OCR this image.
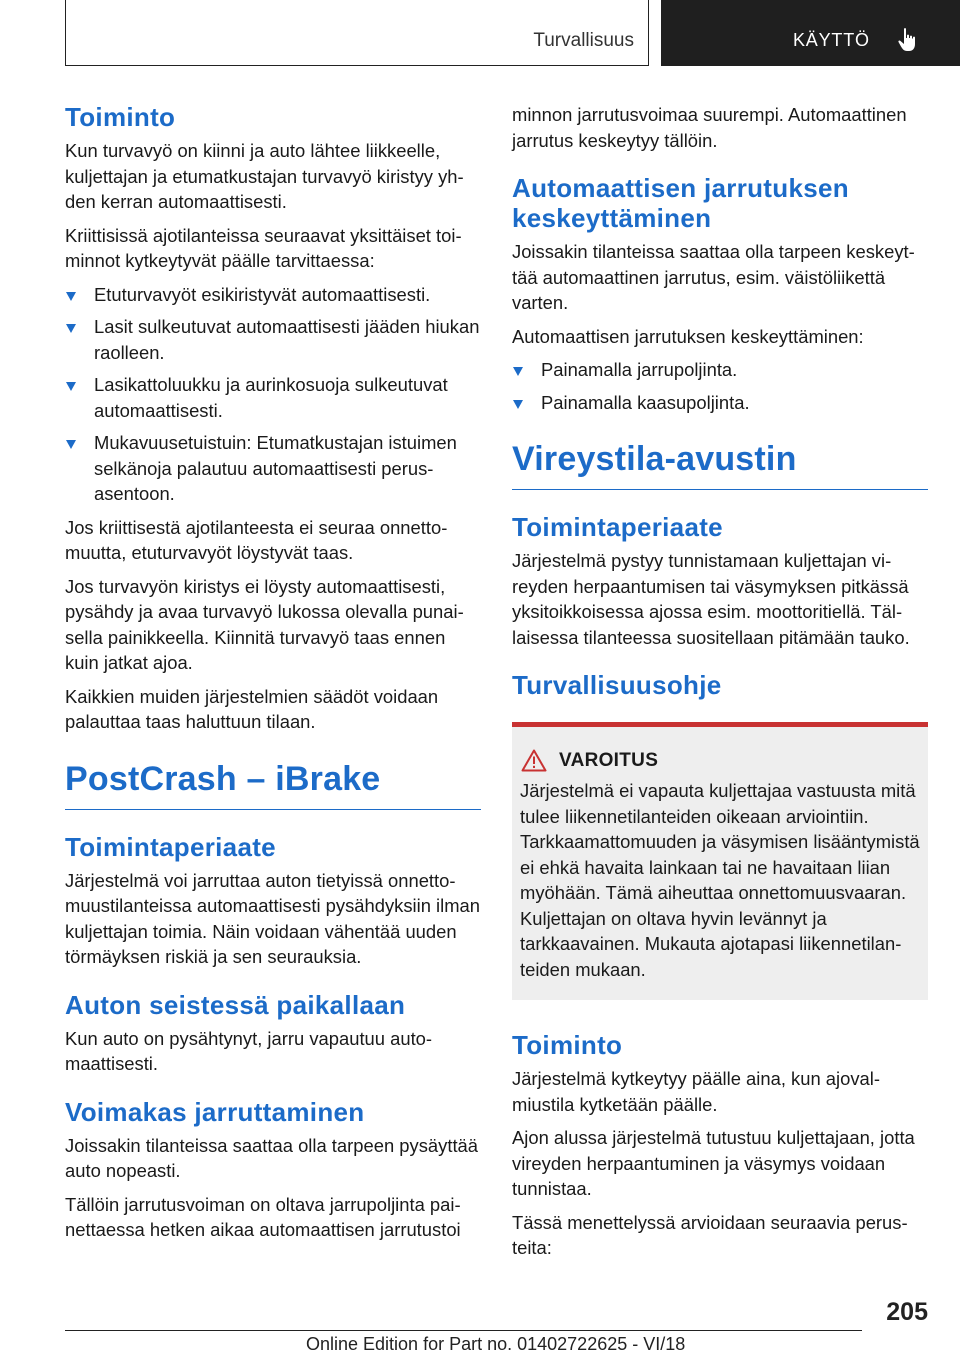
Turvallisuus	KÄYTTÖ
Toiminto

Kun turvavyö on kiinni ja auto lähtee liikkeelle, kuljettajan ja etumatkustajan turvavyö kiristyy yhden kerran automaattisesti.

Kriittisissä ajotilanteissa seuraavat yksittäiset toiminnot kytkeytyvät päälle tarvittaessa:

Etuturvavyöt esikiristyvät automaattisesti.
Lasit sulkeutuvat automaattisesti jääden hiukan raolleen.
Lasikattoluukku ja aurinkosuoja sulkeutuvat automaattisesti.
Mukavuusetuistuin: Etumatkustajan istuimen selkänoja palautuu automaattisesti perusasentoon.

Jos kriittisestä ajotilanteesta ei seuraa onnettomuutta, etuturvavyöt löystyvät taas.

Jos turvavyön kiristys ei löysty automaattisesti, pysähdy ja avaa turvavyö lukossa olevalla punaisella painikkeella. Kiinnitä turvavyö taas ennen kuin jatkat ajoa.

Kaikkien muiden järjestelmien säädöt voidaan palauttaa taas haluttuun tilaan.

PostCrash – iBrake
Toimintaperiaate

Järjestelmä voi jarruttaa auton tietyissä onnettomuustilanteissa automaattisesti pysähdyksiin ilman kuljettajan toimia. Näin voidaan vähentää uuden törmäyksen riskiä ja sen seurauksia.

Auton seistessä paikallaan

Kun auto on pysähtynyt, jarru vapautuu automaattisesti.

Voimakas jarruttaminen

Joissakin tilanteissa saattaa olla tarpeen pysäyttää auto nopeasti.

Tällöin jarrutusvoiman on oltava jarrupoljinta painettaessa hetken aikaa automaattisen jarrutustoi

minnon jarrutusvoimaa suurempi. Automaattinen jarrutus keskeytyy tällöin.

Automaattisen jarrutuksen keskeyttäminen

Joissakin tilanteissa saattaa olla tarpeen keskeyttää automaattinen jarrutus, esim. väistöliikettä varten.

Automaattisen jarrutuksen keskeyttäminen:

Painamalla jarrupoljinta.
Painamalla kaasupoljinta.
Vireystila-avustin
Toimintaperiaate

Järjestelmä pystyy tunnistamaan kuljettajan vireyden herpaantumisen tai väsymyksen pitkässä yksitoikkoisessa ajossa esim. moottoritiellä. Tällaisessa tilanteessa suositellaan pitämään tauko.

Turvallisuusohje
VAROITUS

Järjestelmä ei vapauta kuljettajaa vastuusta mitä tulee liikennetilanteiden oikeaan arviointiin. Tarkkaamattomuuden ja väsymisen lisääntymistä ei ehkä havaita lainkaan tai ne havaitaan liian myöhään. Tämä aiheuttaa onnettomuusvaaran. Kuljettajan on oltava hyvin levännyt ja tarkkaavainen. Mukauta ajotapasi liikennetilanteiden mukaan.

Toiminto

Järjestelmä kytkeytyy päälle aina, kun ajovalmiustila kytketään päälle.

Ajon alussa järjestelmä tutustuu kuljettajaan, jotta vireyden herpaantuminen ja väsymys voidaan tunnistaa.

Tässä menettelyssä arvioidaan seuraavia perusteita:

205
Online Edition for Part no. 01402722625 - VI/18
